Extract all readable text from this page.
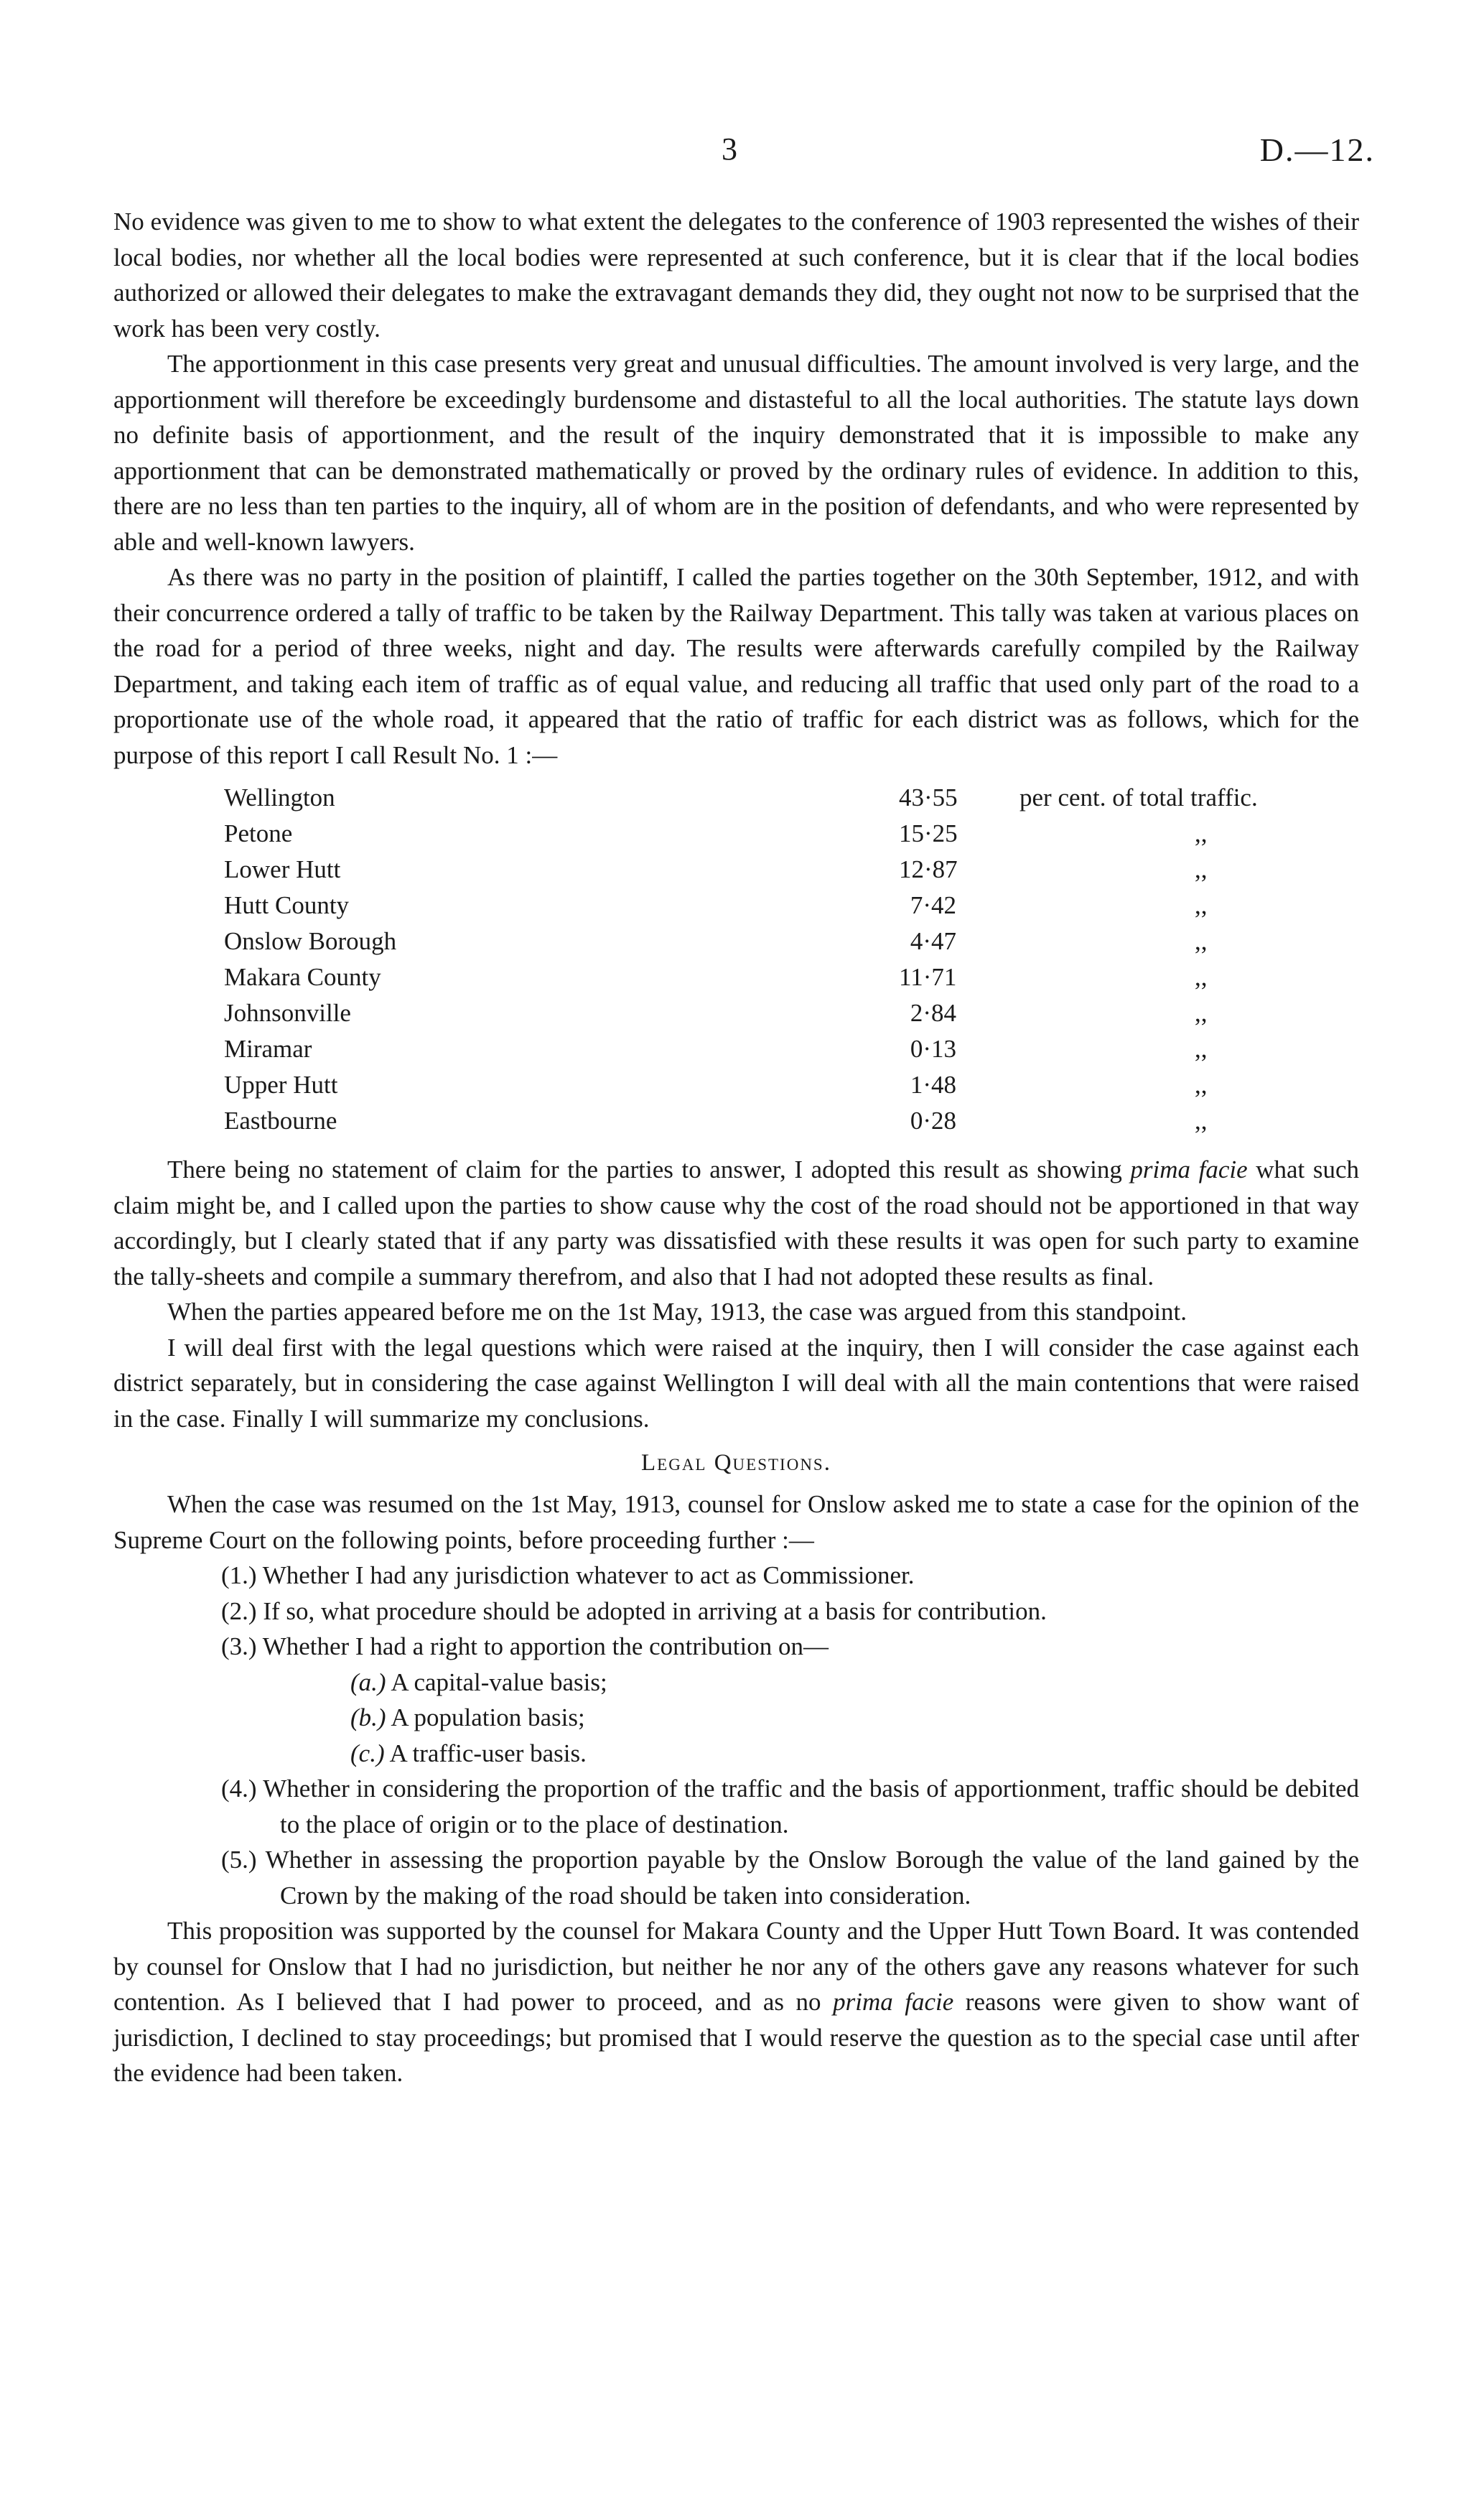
3	D.—12.

No evidence was given to me to show to what extent the delegates to the conference of 1903 represented the wishes of their local bodies, nor whether all the local bodies were represented at such conference, but it is clear that if the local bodies authorized or allowed their delegates to make the extravagant demands they did, they ought not now to be surprised that the work has been very costly.

The apportionment in this case presents very great and unusual difficulties. The amount involved is very large, and the apportionment will therefore be exceedingly burdensome and distasteful to all the local authorities. The statute lays down no definite basis of apportionment, and the result of the inquiry demonstrated that it is impossible to make any apportionment that can be demonstrated mathematically or proved by the ordinary rules of evidence. In addition to this, there are no less than ten parties to the inquiry, all of whom are in the position of defendants, and who were represented by able and well-known lawyers.

As there was no party in the position of plaintiff, I called the parties together on the 30th September, 1912, and with their concurrence ordered a tally of traffic to be taken by the Railway Department. This tally was taken at various places on the road for a period of three weeks, night and day. The results were afterwards carefully compiled by the Railway Department, and taking each item of traffic as of equal value, and reducing all traffic that used only part of the road to a proportionate use of the whole road, it appeared that the ratio of traffic for each district was as follows, which for the purpose of this report I call Result No. 1 :—

Wellington	43·55 per cent. of total traffic.
Petone	15·25	,,
Lower Hutt	12·87	,,
Hutt County	7·42	,,
Onslow Borough	4·47	,,
Makara County	11·71	,,
Johnsonville	2·84	,,
Miramar	0·13	,,
Upper Hutt	1·48	,,
Eastbourne	0·28	,,

There being no statement of claim for the parties to answer, I adopted this result as showing prima facie what such claim might be, and I called upon the parties to show cause why the cost of the road should not be apportioned in that way accordingly, but I clearly stated that if any party was dissatisfied with these results it was open for such party to examine the tally-sheets and compile a summary therefrom, and also that I had not adopted these results as final.

When the parties appeared before me on the 1st May, 1913, the case was argued from this standpoint.

I will deal first with the legal questions which were raised at the inquiry, then I will consider the case against each district separately, but in considering the case against Wellington I will deal with all the main contentions that were raised in the case. Finally I will summarize my conclusions.

Legal Questions.

When the case was resumed on the 1st May, 1913, counsel for Onslow asked me to state a case for the opinion of the Supreme Court on the following points, before proceeding further :—

(1.) Whether I had any jurisdiction whatever to act as Commissioner.

(2.) If so, what procedure should be adopted in arriving at a basis for contribution.

(3.) Whether I had a right to apportion the contribution on—

(a.) A capital-value basis;

(b.) A population basis;

(c.) A traffic-user basis.

(4.) Whether in considering the proportion of the traffic and the basis of apportionment, traffic should be debited to the place of origin or to the place of destination.

(5.) Whether in assessing the proportion payable by the Onslow Borough the value of the land gained by the Crown by the making of the road should be taken into consideration.

This proposition was supported by the counsel for Makara County and the Upper Hutt Town Board. It was contended by counsel for Onslow that I had no jurisdiction, but neither he nor any of the others gave any reasons whatever for such contention. As I believed that I had power to proceed, and as no prima facie reasons were given to show want of jurisdiction, I declined to stay proceedings; but promised that I would reserve the question as to the special case until after the evidence had been taken.
